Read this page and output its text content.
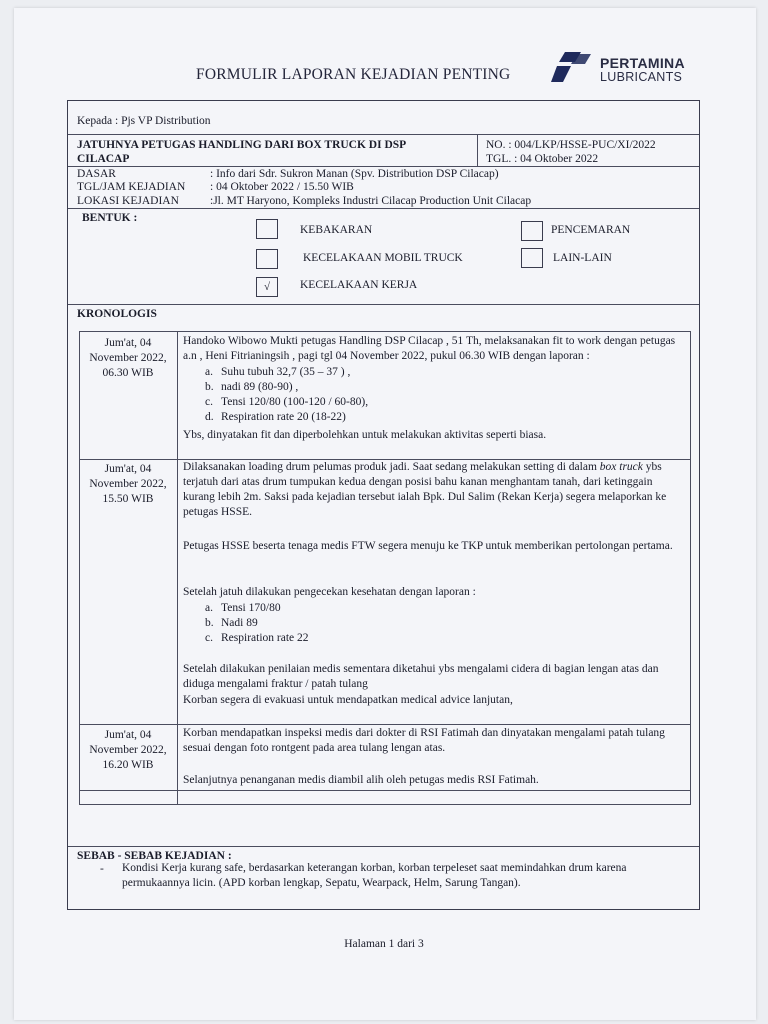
FORMULIR LAPORAN KEJADIAN PENTING
PERTAMINA
LUBRICANTS
Kepada : Pjs VP Distribution
JATUHNYA PETUGAS HANDLING DARI BOX TRUCK DI DSP
CILACAP
NO. : 004/LKP/HSSE-PUC/XI/2022
TGL. : 04 Oktober 2022
DASAR	: Info dari Sdr. Sukron Manan (Spv. Distribution DSP Cilacap)
TGL/JAM KEJADIAN : 04 Oktober 2022 / 15.50 WIB
LOKASI KEJADIAN	:Jl. MT Haryono, Kompleks Industri Cilacap Production Unit Cilacap
BENTUK :
KEBAKARAN	PENCEMARAN
KECELAKAAN MOBIL TRUCK	LAIN-LAIN
√	KECELAKAAN KERJA
KRONOLOGIS
Jum'at, 04
November 2022,
06.30 WIB
Handoko Wibowo Mukti petugas Handling DSP Cilacap , 51 Th, melaksanakan fit to work dengan petugas a.n , Heni Fitrianingsih , pagi tgl 04 November 2022, pukul 06.30 WIB dengan laporan :
a. Suhu tubuh 32,7 (35 – 37 ) ,
b. nadi 89 (80-90) ,
c. Tensi 120/80 (100-120 / 60-80),
d. Respiration rate 20 (18-22)
Ybs, dinyatakan fit dan diperbolehkan untuk melakukan aktivitas seperti biasa.
Jum'at, 04
November 2022,
15.50 WIB
Dilaksanakan loading drum pelumas produk jadi. Saat sedang melakukan setting di dalam box truck ybs terjatuh dari atas drum tumpukan kedua dengan posisi bahu kanan menghantam tanah, dari ketinggain kurang lebih 2m. Saksi pada kejadian tersebut ialah Bpk. Dul Salim (Rekan Kerja) segera melaporkan ke petugas HSSE.
Petugas HSSE beserta tenaga medis FTW segera menuju ke TKP untuk memberikan pertolongan pertama.
Setelah jatuh dilakukan pengecekan kesehatan dengan laporan :
a. Tensi 170/80
b. Nadi 89
c. Respiration rate 22
Setelah dilakukan penilaian medis sementara diketahui ybs mengalami cidera di bagian lengan atas dan diduga mengalami fraktur / patah tulang
Korban segera di evakuasi untuk mendapatkan medical advice lanjutan,
Jum'at, 04
November 2022,
16.20 WIB
Korban mendapatkan inspeksi medis dari dokter di RSI Fatimah dan dinyatakan mengalami patah tulang sesuai dengan foto rontgent pada area tulang lengan atas.
Selanjutnya penanganan medis diambil alih oleh petugas medis RSI Fatimah.
SEBAB - SEBAB KEJADIAN :
- Kondisi Kerja kurang safe, berdasarkan keterangan korban, korban terpeleset saat memindahkan drum karena permukaannya licin. (APD korban lengkap, Sepatu, Wearpack, Helm, Sarung Tangan).
Halaman 1 dari 3
